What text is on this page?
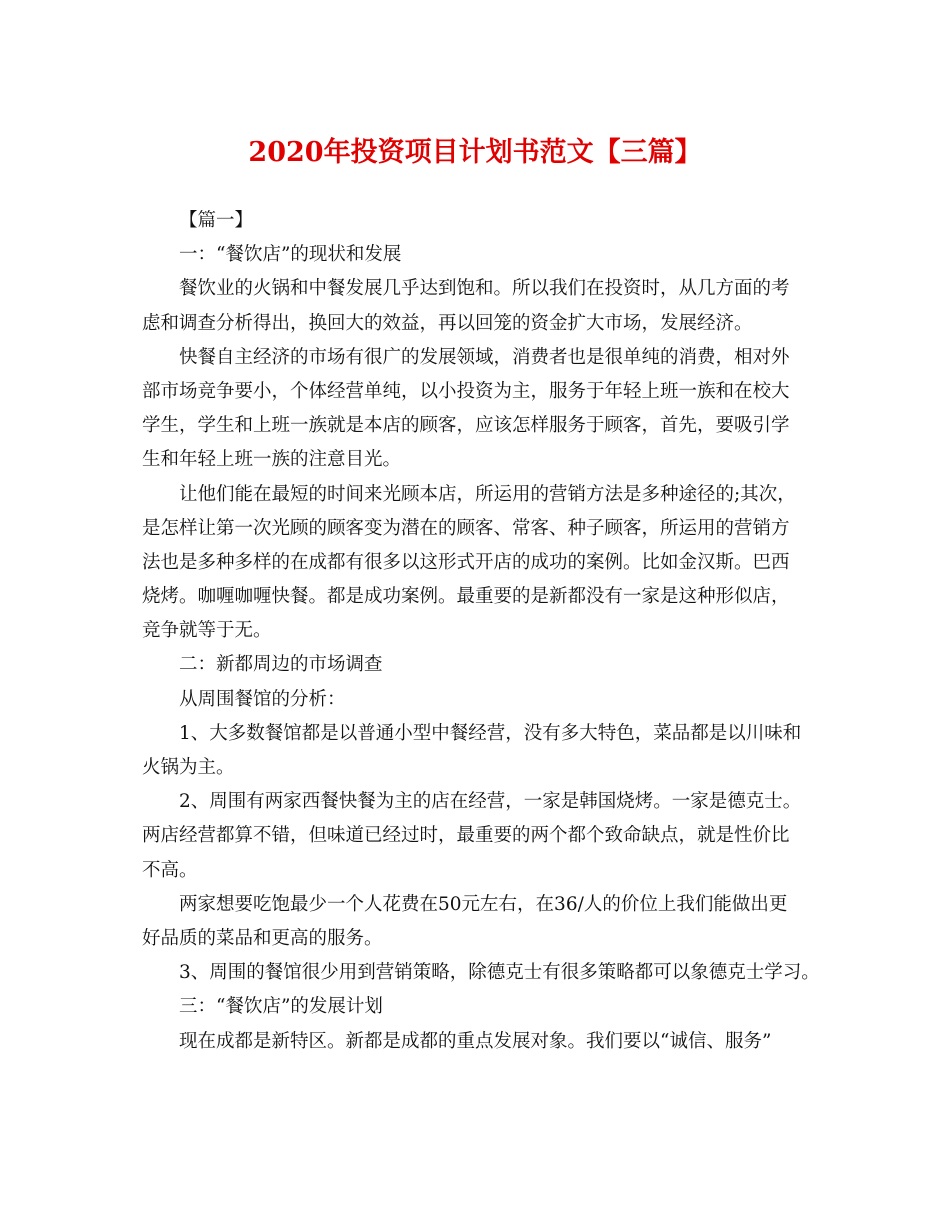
2020年投资项目计划书范文【三篇】
【篇一】
一：“餐饮店”的现状和发展
餐饮业的火锅和中餐发展几乎达到饱和。所以我们在投资时，从几方面的考
虑和调查分析得出，换回大的效益，再以回笼的资金扩大市场，发展经济。
快餐自主经济的市场有很广的发展领域，消费者也是很单纯的消费，相对外
部市场竞争要小，个体经营单纯，以小投资为主，服务于年轻上班一族和在校大
学生，学生和上班一族就是本店的顾客，应该怎样服务于顾客，首先，要吸引学
生和年轻上班一族的注意目光。
让他们能在最短的时间来光顾本店，所运用的营销方法是多种途径的;其次，
是怎样让第一次光顾的顾客变为潜在的顾客、常客、种子顾客，所运用的营销方
法也是多种多样的在成都有很多以这形式开店的成功的案例。比如金汉斯。巴西
烧烤。咖喱咖喱快餐。都是成功案例。最重要的是新都没有一家是这种形似店，
竞争就等于无。
二：新都周边的市场调查
从周围餐馆的分析：
1、大多数餐馆都是以普通小型中餐经营，没有多大特色，菜品都是以川味和
火锅为主。
2、周围有两家西餐快餐为主的店在经营，一家是韩国烧烤。一家是德克士。
两店经营都算不错，但味道已经过时，最重要的两个都个致命缺点，就是性价比
不高。
两家想要吃饱最少一个人花费在50元左右，在36/人的价位上我们能做出更
好品质的菜品和更高的服务。
3、周围的餐馆很少用到营销策略，除德克士有很多策略都可以象德克士学习。
三：“餐饮店”的发展计划
现在成都是新特区。新都是成都的重点发展对象。我们要以“诚信、服务”
